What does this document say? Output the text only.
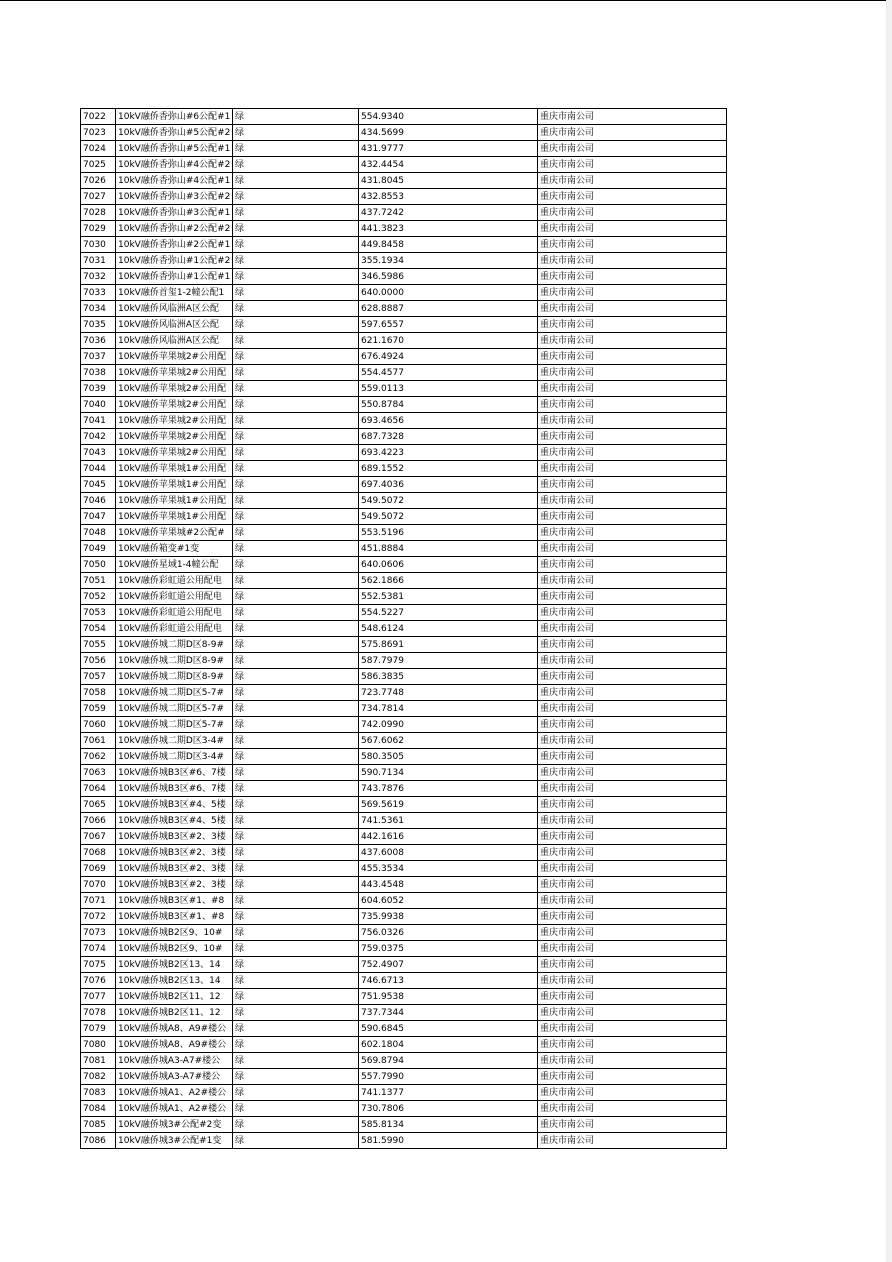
7022	10kV融侨香弥山#6公配#1	绿	554.9340	重庆市南公司
7023	10kV融侨香弥山#5公配#2	绿	434.5699	重庆市南公司
7024	10kV融侨香弥山#5公配#1	绿	431.9777	重庆市南公司
7025	10kV融侨香弥山#4公配#2	绿	432.4454	重庆市南公司
7026	10kV融侨香弥山#4公配#1	绿	431.8045	重庆市南公司
7027	10kV融侨香弥山#3公配#2	绿	432.8553	重庆市南公司
7028	10kV融侨香弥山#3公配#1	绿	437.7242	重庆市南公司
7029	10kV融侨香弥山#2公配#2	绿	441.3823	重庆市南公司
7030	10kV融侨香弥山#2公配#1	绿	449.8458	重庆市南公司
7031	10kV融侨香弥山#1公配#2	绿	355.1934	重庆市南公司
7032	10kV融侨香弥山#1公配#1	绿	346.5986	重庆市南公司
7033	10kV融侨首玺1-2幢公配1	绿	640.0000	重庆市南公司
7034	10kV融侨风临洲A区公配	绿	628.8887	重庆市南公司
7035	10kV融侨风临洲A区公配	绿	597.6557	重庆市南公司
7036	10kV融侨风临洲A区公配	绿	621.1670	重庆市南公司
7037	10kV融侨苹果城2#公用配	绿	676.4924	重庆市南公司
7038	10kV融侨苹果城2#公用配	绿	554.4577	重庆市南公司
7039	10kV融侨苹果城2#公用配	绿	559.0113	重庆市南公司
7040	10kV融侨苹果城2#公用配	绿	550.8784	重庆市南公司
7041	10kV融侨苹果城2#公用配	绿	693.4656	重庆市南公司
7042	10kV融侨苹果城2#公用配	绿	687.7328	重庆市南公司
7043	10kV融侨苹果城2#公用配	绿	693.4223	重庆市南公司
7044	10kV融侨苹果城1#公用配	绿	689.1552	重庆市南公司
7045	10kV融侨苹果城1#公用配	绿	697.4036	重庆市南公司
7046	10kV融侨苹果城1#公用配	绿	549.5072	重庆市南公司
7047	10kV融侨苹果城1#公用配	绿	549.5072	重庆市南公司
7048	10kV融侨苹果城#2公配#	绿	553.5196	重庆市南公司
7049	10kV融侨箱变#1变	绿	451.8884	重庆市南公司
7050	10kV融侨星域1-4幢公配	绿	640.0606	重庆市南公司
7051	10kV融侨彩虹道公用配电	绿	562.1866	重庆市南公司
7052	10kV融侨彩虹道公用配电	绿	552.5381	重庆市南公司
7053	10kV融侨彩虹道公用配电	绿	554.5227	重庆市南公司
7054	10kV融侨彩虹道公用配电	绿	548.6124	重庆市南公司
7055	10kV融侨城二期D区8-9#	绿	575.8691	重庆市南公司
7056	10kV融侨城二期D区8-9#	绿	587.7979	重庆市南公司
7057	10kV融侨城二期D区8-9#	绿	586.3835	重庆市南公司
7058	10kV融侨城二期D区5-7#	绿	723.7748	重庆市南公司
7059	10kV融侨城二期D区5-7#	绿	734.7814	重庆市南公司
7060	10kV融侨城二期D区5-7#	绿	742.0990	重庆市南公司
7061	10kV融侨城二期D区3-4#	绿	567.6062	重庆市南公司
7062	10kV融侨城二期D区3-4#	绿	580.3505	重庆市南公司
7063	10kV融侨城B3区#6、7楼	绿	590.7134	重庆市南公司
7064	10kV融侨城B3区#6、7楼	绿	743.7876	重庆市南公司
7065	10kV融侨城B3区#4、5楼	绿	569.5619	重庆市南公司
7066	10kV融侨城B3区#4、5楼	绿	741.5361	重庆市南公司
7067	10kV融侨城B3区#2、3楼	绿	442.1616	重庆市南公司
7068	10kV融侨城B3区#2、3楼	绿	437.6008	重庆市南公司
7069	10kV融侨城B3区#2、3楼	绿	455.3534	重庆市南公司
7070	10kV融侨城B3区#2、3楼	绿	443.4548	重庆市南公司
7071	10kV融侨城B3区#1、#8	绿	604.6052	重庆市南公司
7072	10kV融侨城B3区#1、#8	绿	735.9938	重庆市南公司
7073	10kV融侨城B2区9、10#	绿	756.0326	重庆市南公司
7074	10kV融侨城B2区9、10#	绿	759.0375	重庆市南公司
7075	10kV融侨城B2区13、14	绿	752.4907	重庆市南公司
7076	10kV融侨城B2区13、14	绿	746.6713	重庆市南公司
7077	10kV融侨城B2区11、12	绿	751.9538	重庆市南公司
7078	10kV融侨城B2区11、12	绿	737.7344	重庆市南公司
7079	10kV融侨城A8、A9#楼公	绿	590.6845	重庆市南公司
7080	10kV融侨城A8、A9#楼公	绿	602.1804	重庆市南公司
7081	10kV融侨城A3-A7#楼公	绿	569.8794	重庆市南公司
7082	10kV融侨城A3-A7#楼公	绿	557.7990	重庆市南公司
7083	10kV融侨城A1、A2#楼公	绿	741.1377	重庆市南公司
7084	10kV融侨城A1、A2#楼公	绿	730.7806	重庆市南公司
7085	10kV融侨城3#公配#2变	绿	585.8134	重庆市南公司
7086	10kV融侨城3#公配#1变	绿	581.5990	重庆市南公司
